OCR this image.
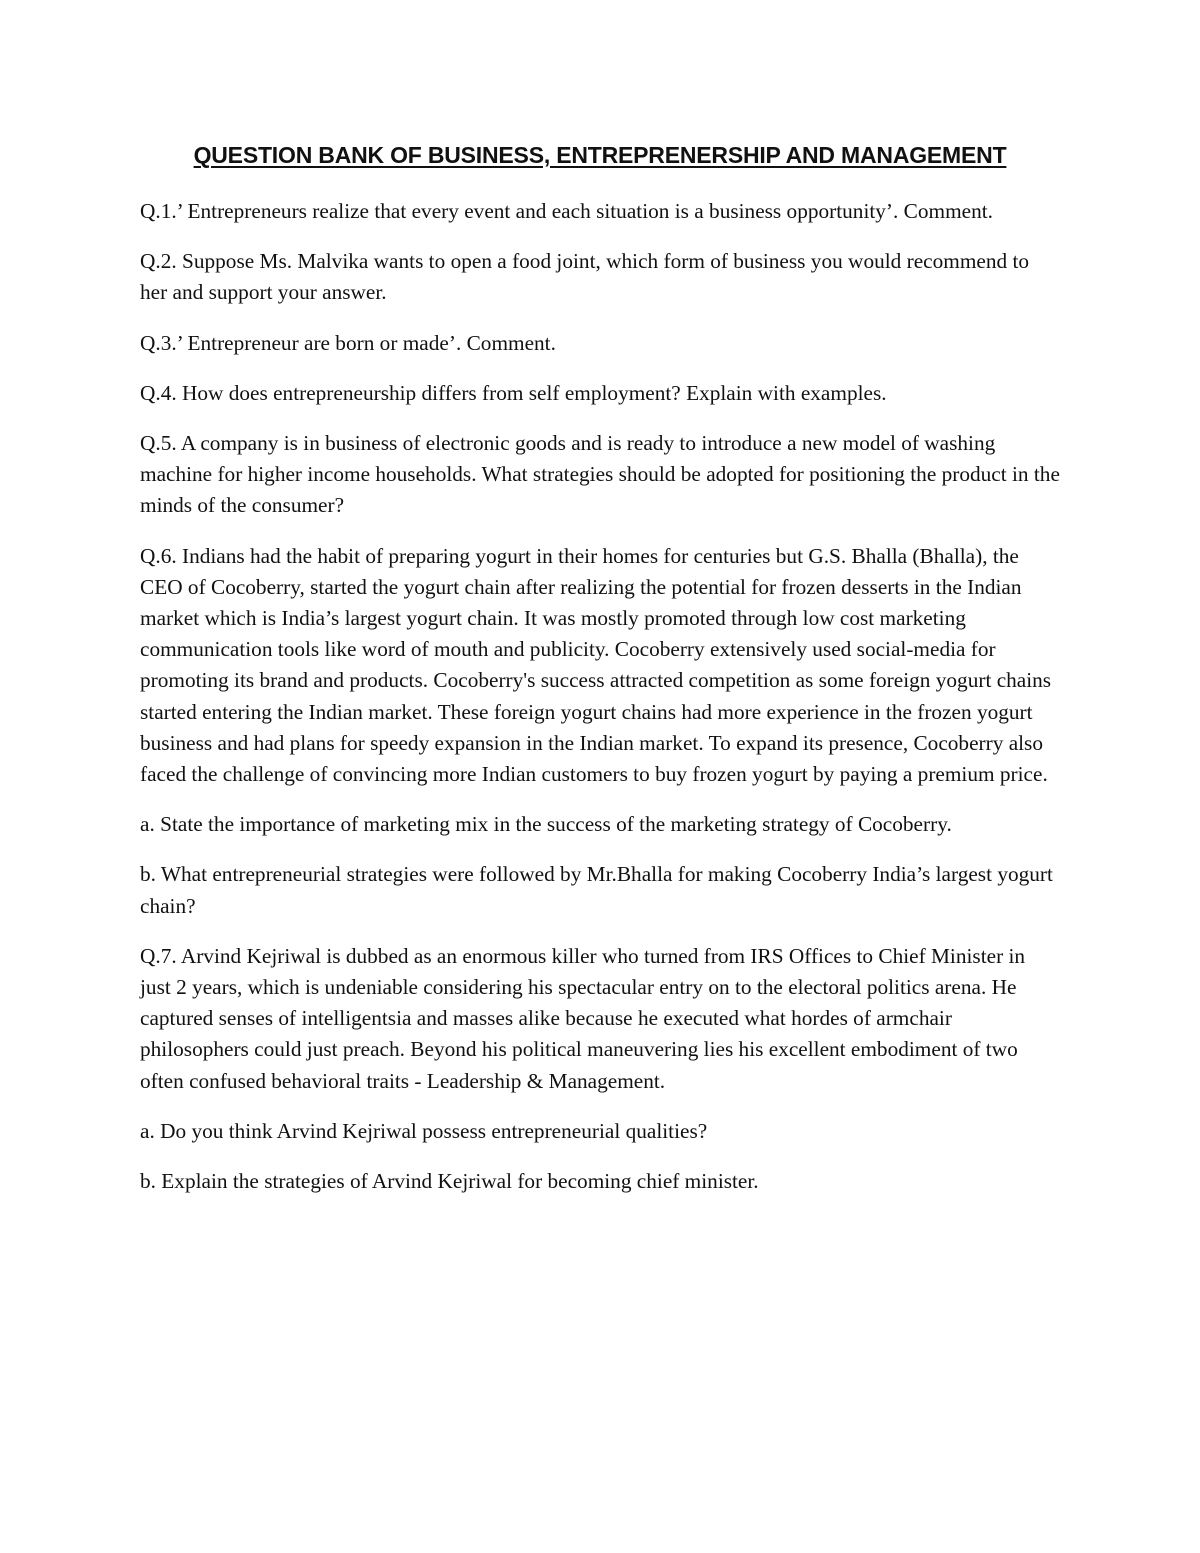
QUESTION BANK OF BUSINESS, ENTREPRENERSHIP AND MANAGEMENT

Q.1.’ Entrepreneurs realize that every event and each situation is a business opportunity’. Comment.

Q.2. Suppose Ms. Malvika wants to open a food joint, which form of business you would recommend to her and support your answer.

Q.3.’ Entrepreneur are born or made’. Comment.

Q.4. How does entrepreneurship differs from self employment? Explain with examples.

Q.5. A company is in business of electronic goods and is ready to introduce a new model of washing machine for higher income households. What strategies should be adopted for positioning the product in the minds of the consumer?

Q.6. Indians had the habit of preparing yogurt in their homes for centuries but G.S. Bhalla (Bhalla), the CEO of Cocoberry, started the yogurt chain after realizing the potential for frozen desserts in the Indian market which is India’s largest yogurt chain. It was mostly promoted through low cost marketing communication tools like word of mouth and publicity. Cocoberry extensively used social-media for promoting its brand and products. Cocoberry's success attracted competition as some foreign yogurt chains started entering the Indian market. These foreign yogurt chains had more experience in the frozen yogurt business and had plans for speedy expansion in the Indian market. To expand its presence, Cocoberry also faced the challenge of convincing more Indian customers to buy frozen yogurt by paying a premium price.

a. State the importance of marketing mix in the success of the marketing strategy of Cocoberry.

b. What entrepreneurial strategies were followed by Mr.Bhalla for making Cocoberry India’s largest yogurt chain?

Q.7. Arvind Kejriwal is dubbed as an enormous killer who turned from IRS Offices to Chief Minister in just 2 years, which is undeniable considering his spectacular entry on to the electoral politics arena. He captured senses of intelligentsia and masses alike because he executed what hordes of armchair philosophers could just preach. Beyond his political maneuvering lies his excellent embodiment of two often confused behavioral traits - Leadership & Management.

a. Do you think Arvind Kejriwal possess entrepreneurial qualities?

b. Explain the strategies of Arvind Kejriwal for becoming chief minister.
